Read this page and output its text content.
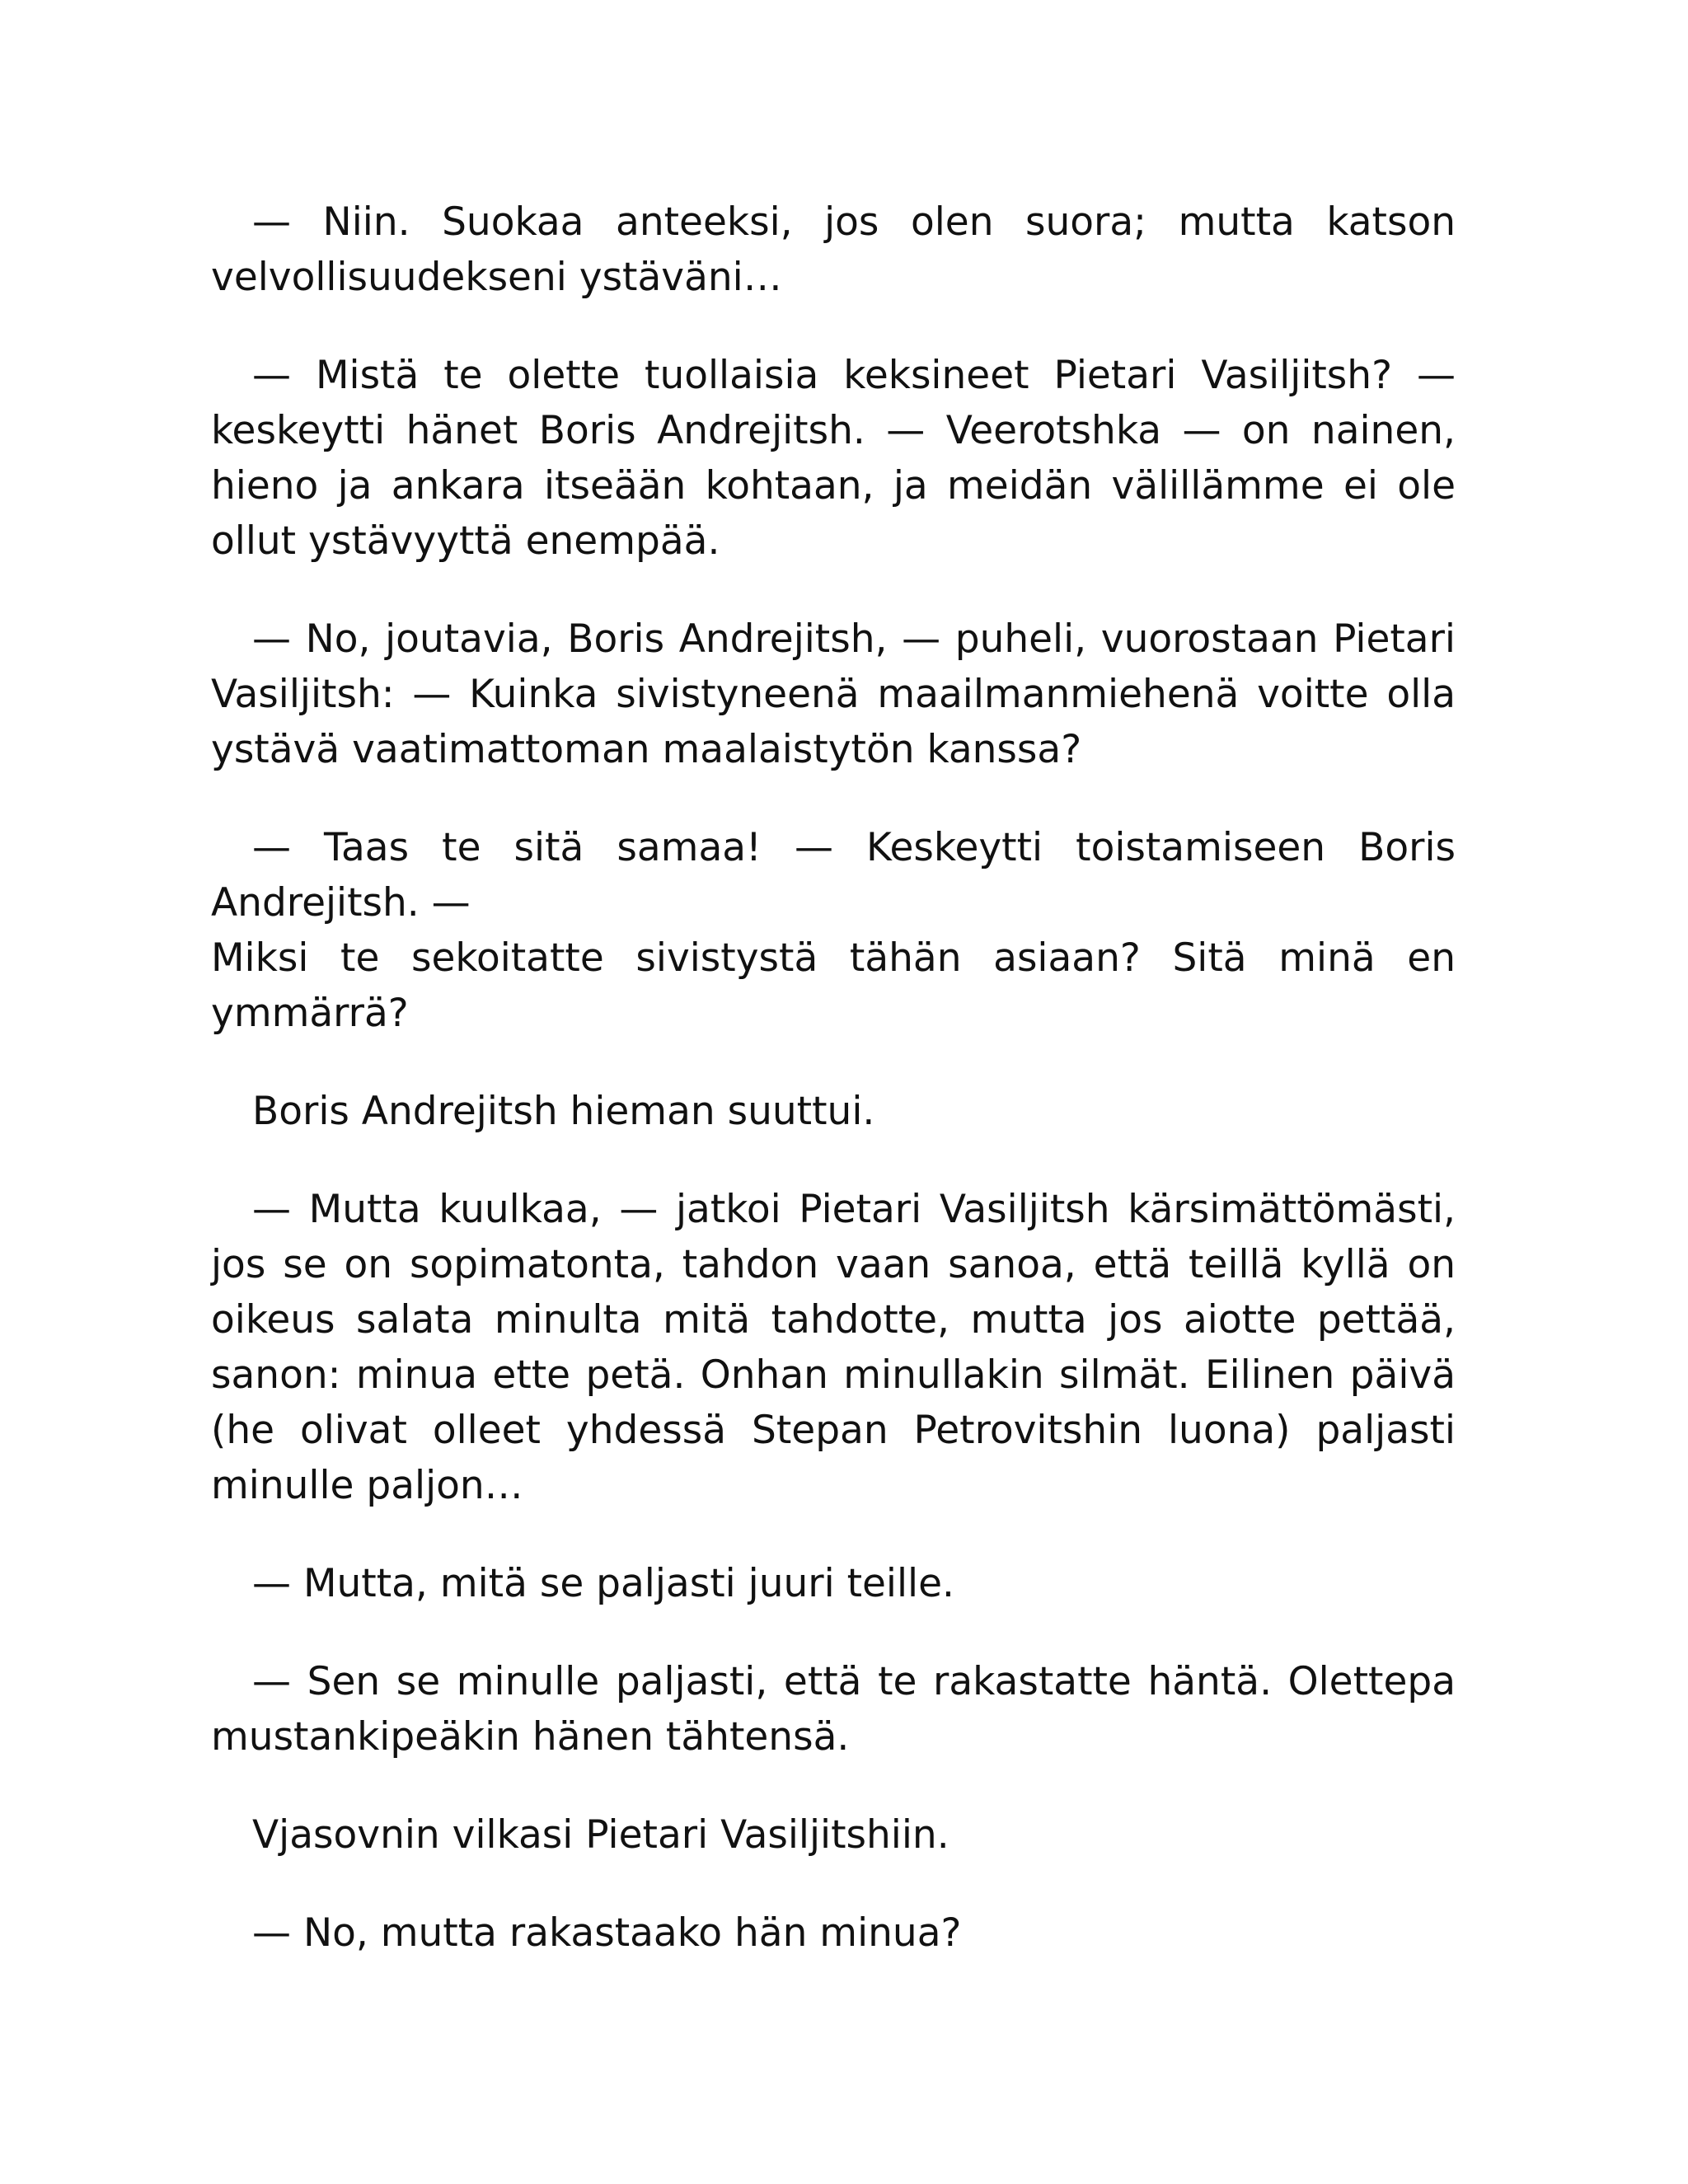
— Niin. Suokaa anteeksi, jos olen suora; mutta katson velvollisuudekseni ystäväni…

— Mistä te olette tuollaisia keksineet Pietari Vasiljitsh? — keskeytti hänet Boris Andrejitsh. — Veerotshka — on nainen, hieno ja ankara itseään kohtaan, ja meidän välillämme ei ole ollut ystävyyttä enempää.

— No, joutavia, Boris Andrejitsh, — puheli, vuorostaan Pietari Vasiljitsh: — Kuinka sivistyneenä maailmanmiehenä voitte olla ystävä vaatimattoman maalaistytön kanssa?

— Taas te sitä samaa! — Keskeytti toistamiseen Boris Andrejitsh. —

Miksi te sekoitatte sivistystä tähän asiaan? Sitä minä en ymmärrä?

Boris Andrejitsh hieman suuttui.

— Mutta kuulkaa, — jatkoi Pietari Vasiljitsh kärsimättömästi, jos se on sopimatonta, tahdon vaan sanoa, että teillä kyllä on oikeus salata minulta mitä tahdotte, mutta jos aiotte pettää, sanon: minua ette petä. Onhan minullakin silmät. Eilinen päivä (he olivat olleet yhdessä Stepan Petrovitshin luona) paljasti minulle paljon…

— Mutta, mitä se paljasti juuri teille.

— Sen se minulle paljasti, että te rakastatte häntä. Olettepa mustankipeäkin hänen tähtensä.

Vjasovnin vilkasi Pietari Vasiljitshiin.

— No, mutta rakastaako hän minua?
